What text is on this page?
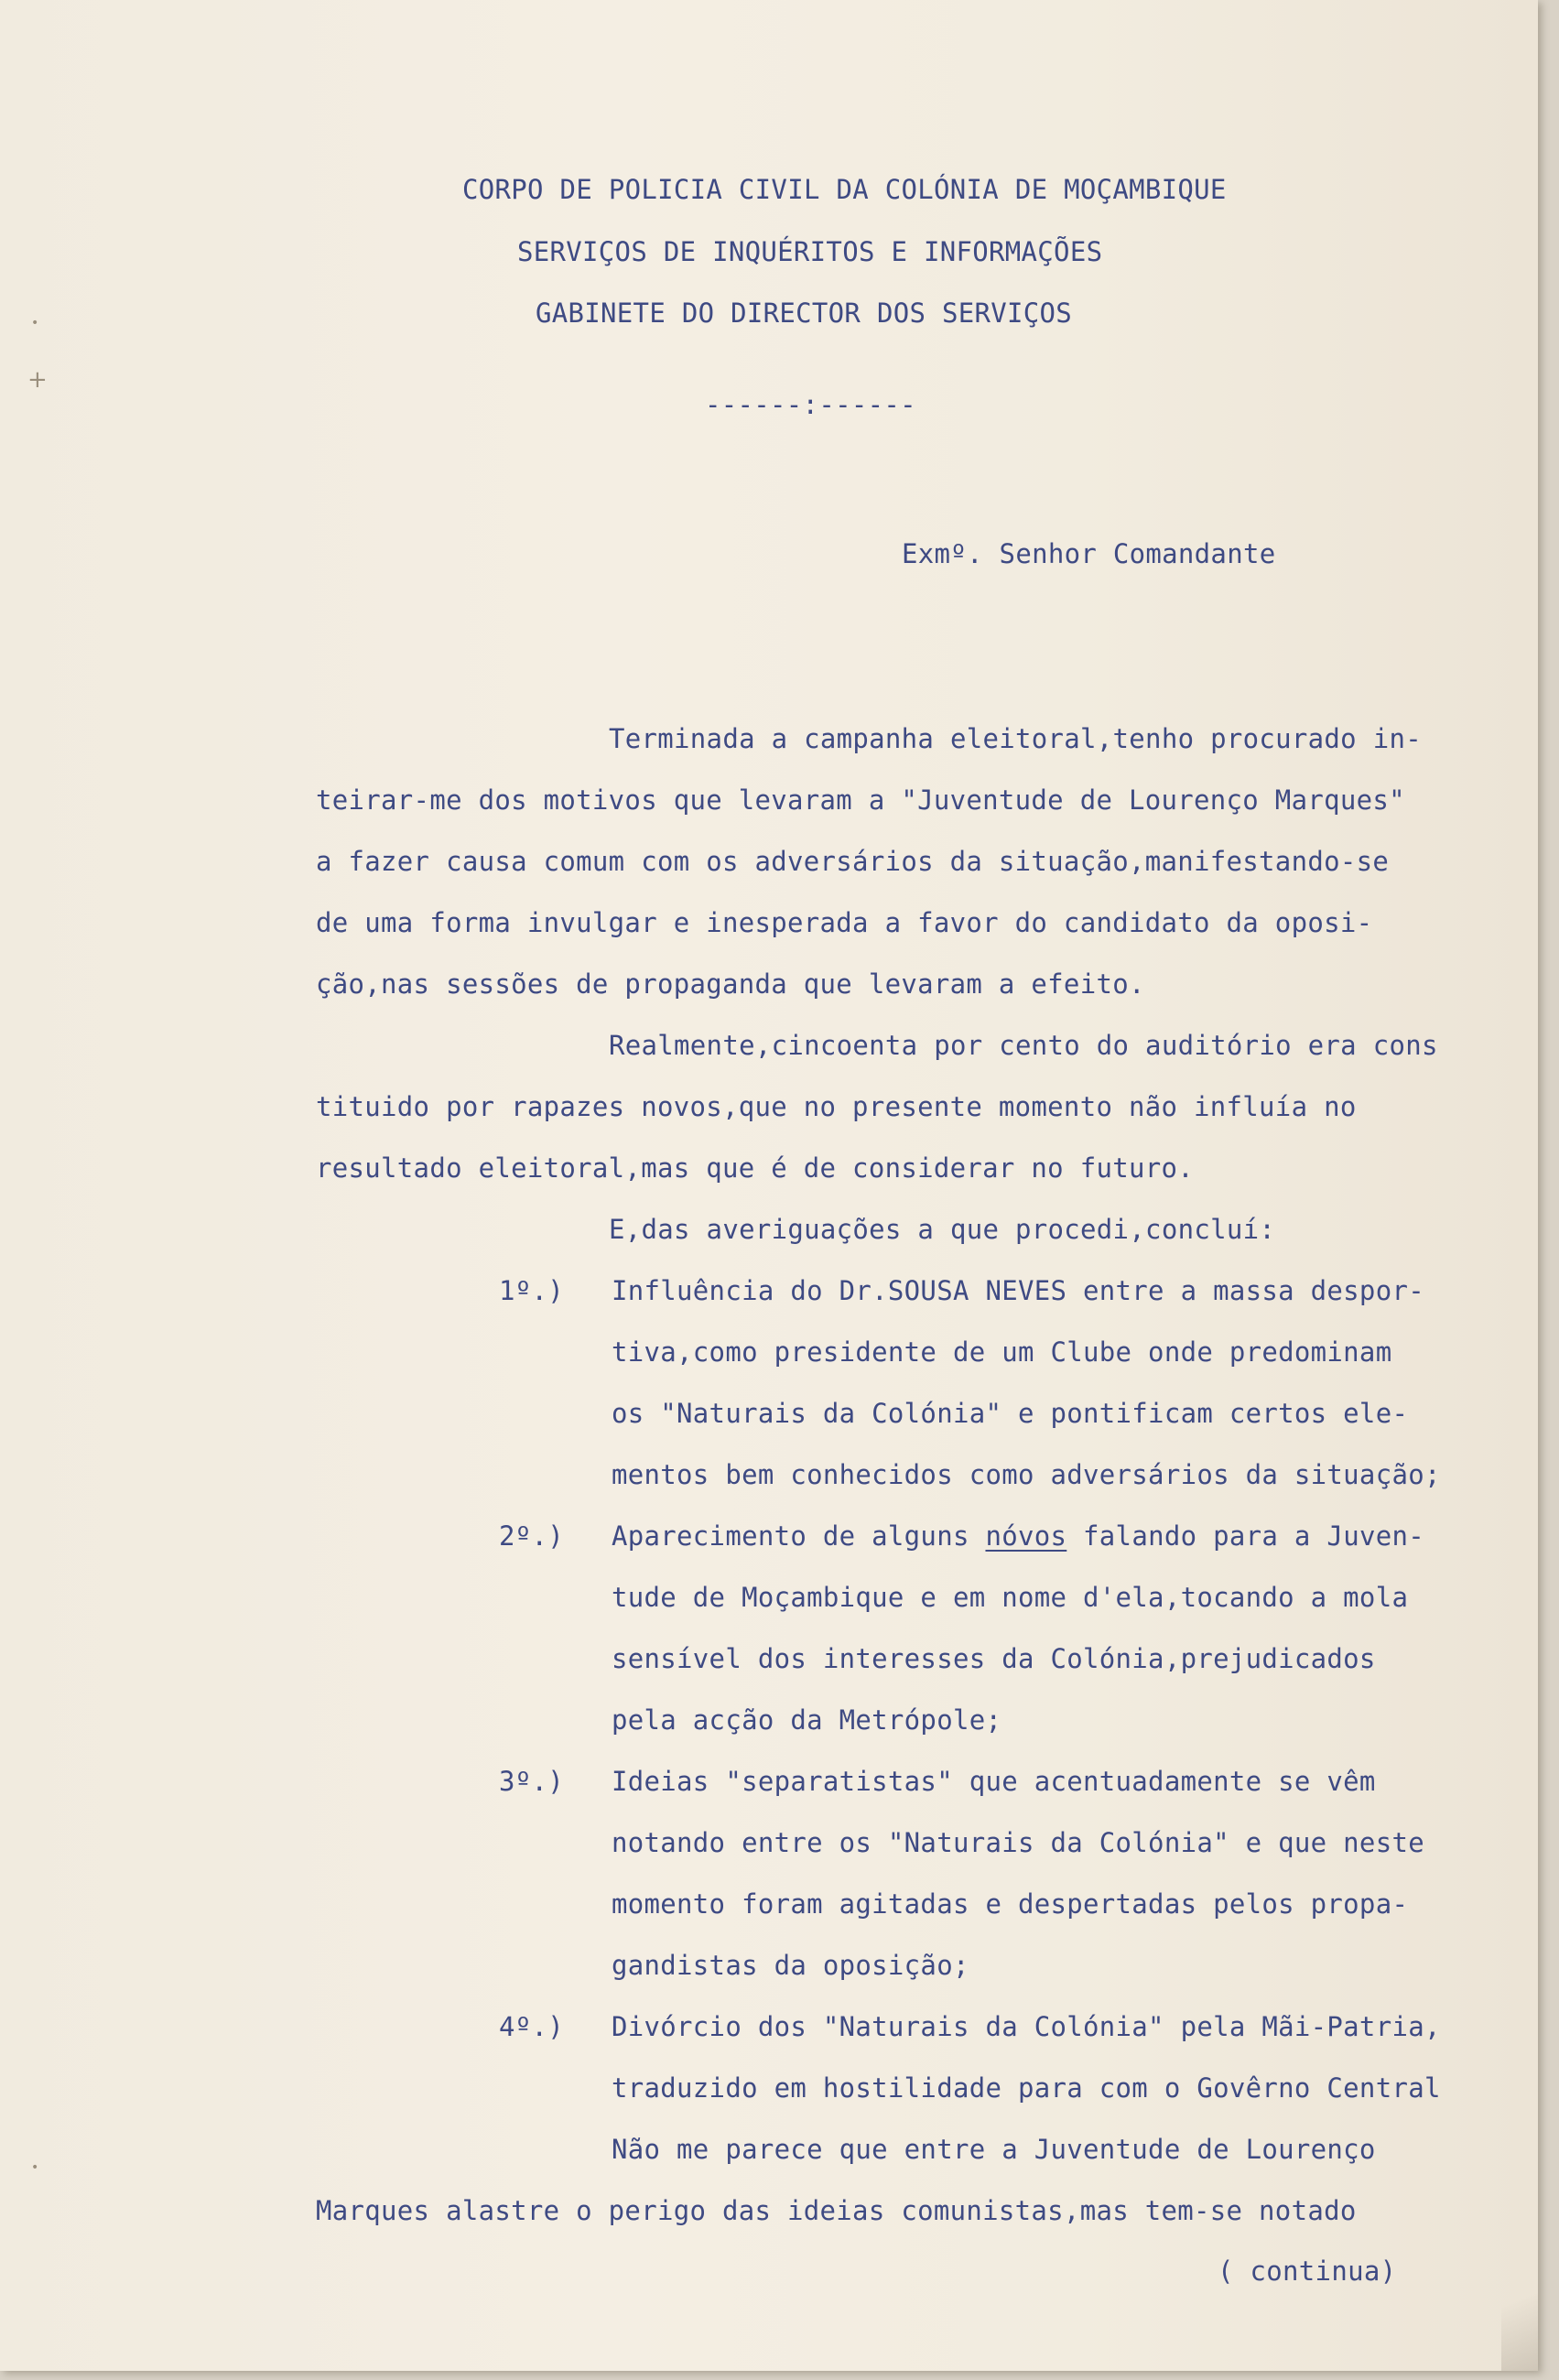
•
+
•

CORPO DE POLICIA CIVIL DA COLÓNIA DE MOÇAMBIQUE

SERVIÇOS DE INQUÉRITOS E INFORMAÇÕES

GABINETE DO DIRECTOR DOS SERVIÇOS

------:------

Exmº. Senhor Comandante

Terminada a campanha eleitoral,tenho procurado in-

teirar-me dos motivos que levaram a "Juventude de Lourenço Marques"

a fazer causa comum com os adversários da situação,manifestando-se

de uma forma invulgar e inesperada a favor do candidato da oposi-

ção,nas sessões de propaganda que levaram a efeito.

Realmente,cincoenta por cento do auditório era cons

tituido por rapazes novos,que no presente momento não influía no

resultado eleitoral,mas que é de considerar no futuro.

E,das averiguações a que procedi,concluí:

1º.) Influência do Dr.SOUSA NEVES entre a massa despor-

tiva,como presidente de um Clube onde predominam

os "Naturais da Colónia" e pontificam certos ele-

mentos bem conhecidos como adversários da situação;

2º.) Aparecimento de alguns nóvos falando para a Juven-

tude de Moçambique e em nome d'ela,tocando a mola

sensível dos interesses da Colónia,prejudicados

pela acção da Metrópole;

3º.) Ideias "separatistas" que acentuadamente se vêm

notando entre os "Naturais da Colónia" e que neste

momento foram agitadas e despertadas pelos propa-

gandistas da oposição;

4º.) Divórcio dos "Naturais da Colónia" pela Mãi-Patria,

traduzido em hostilidade para com o Govêrno Central

Não me parece que entre a Juventude de Lourenço

Marques alastre o perigo das ideias comunistas,mas tem-se notado

( continua)
